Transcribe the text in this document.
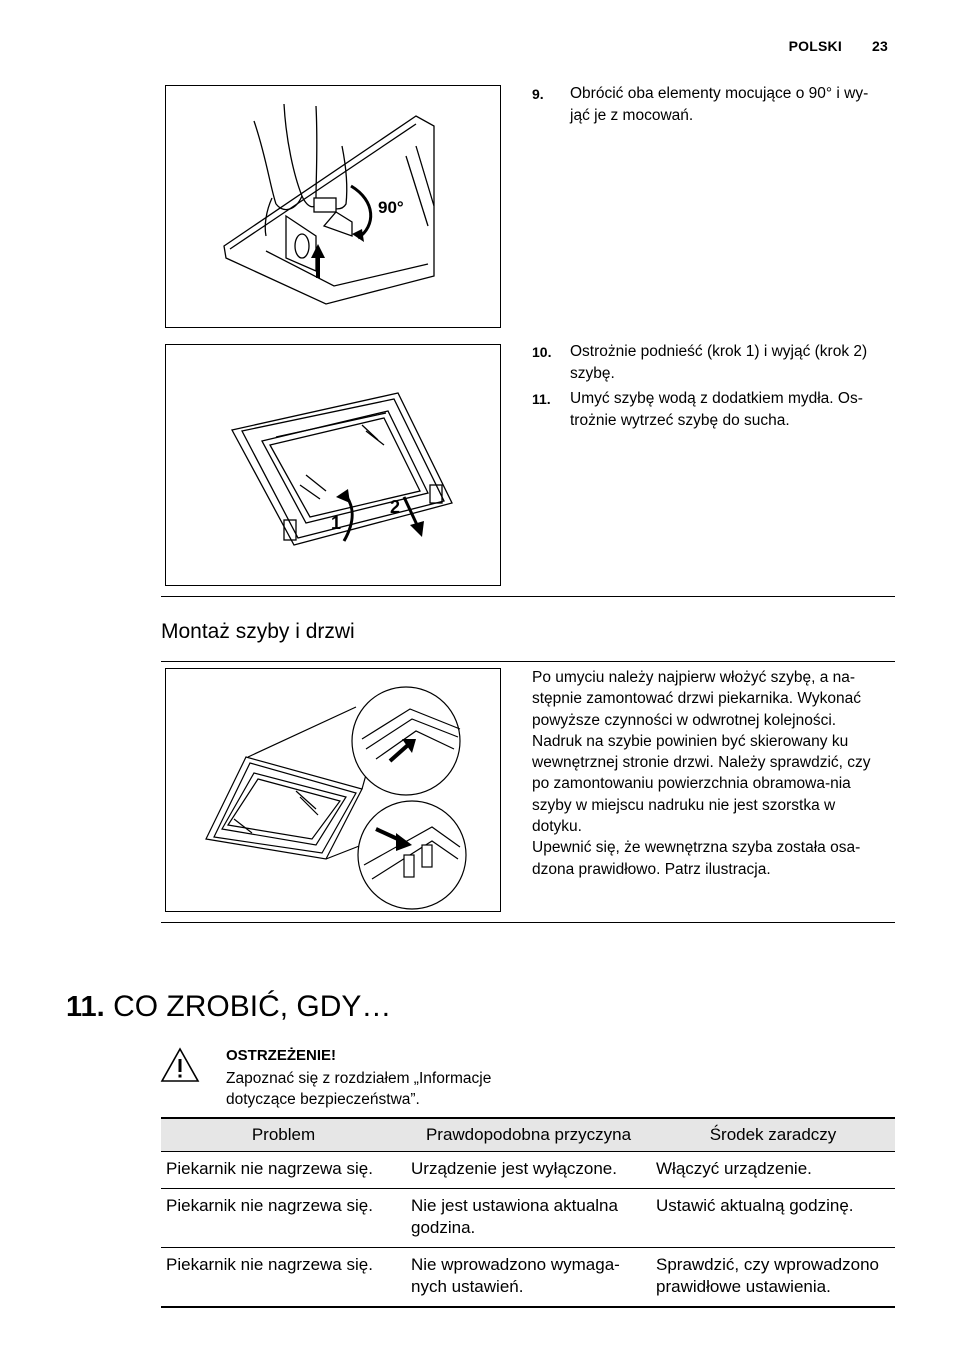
POLSKI 23
90°
9. Obrócić oba elementy mocujące o 90° i wy-jąć je z mocowań.
1
2
10. Ostrożnie podnieść (krok 1) i wyjąć (krok 2) szybę.
11. Umyć szybę wodą z dodatkiem mydła. Os-trożnie wytrzeć szybę do sucha.
Montaż szyby i drzwi
Po umyciu należy najpierw włożyć szybę, a na-stępnie zamontować drzwi piekarnika. Wykonać powyższe czynności w odwrotnej kolejności. Nadruk na szybie powinien być skierowany ku wewnętrznej stronie drzwi. Należy sprawdzić, czy po zamontowaniu powierzchnia obramowa-nia szyby w miejscu nadruku nie jest szorstka w dotyku.
Upewnić się, że wewnętrzna szyba została osa-dzona prawidłowo. Patrz ilustracja.
11. CO ZROBIĆ, GDY…
OSTRZEŻENIE!
Zapoznać się z rozdziałem „Informacje dotyczące bezpieczeństwa”.
Problem	Prawdopodobna przyczyna	Środek zaradczy
Piekarnik nie nagrzewa się.	Urządzenie jest wyłączone.	Włączyć urządzenie.
Piekarnik nie nagrzewa się.	Nie jest ustawiona aktualna godzina.	Ustawić aktualną godzinę.
Piekarnik nie nagrzewa się.	Nie wprowadzono wymaga-nych ustawień.	Sprawdzić, czy wprowadzono prawidłowe ustawienia.
